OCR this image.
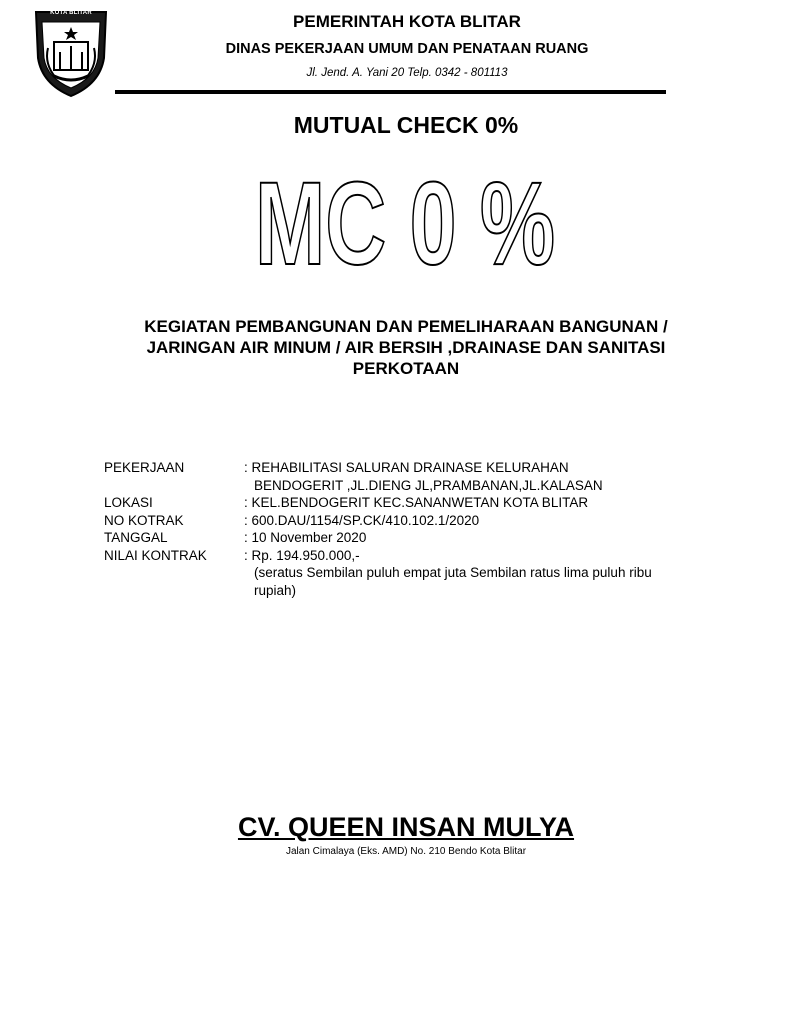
KOTA BLITAR	PEMERINTAH KOTA BLITAR
DINAS PEKERJAAN UMUM DAN PENATAAN RUANG
Jl. Jend. A. Yani 20 Telp. 0342 - 801113
MUTUAL CHECK 0%
MC 0 %
KEGIATAN PEMBANGUNAN DAN PEMELIHARAAN BANGUNAN /
JARINGAN AIR MINUM / AIR BERSIH ,DRAINASE DAN SANITASI
PERKOTAAN
PEKERJAAN	: REHABILITASI SALURAN DRAINASE KELURAHAN
BENDOGERIT ,JL.DIENG JL,PRAMBANAN,JL.KALASAN
LOKASI	: KEL.BENDOGERIT KEC.SANANWETAN KOTA BLITAR
NO KOTRAK	: 600.DAU/1154/SP.CK/410.102.1/2020
TANGGAL	: 10 November 2020
NILAI KONTRAK	: Rp. 194.950.000,-
(seratus Sembilan puluh empat juta Sembilan ratus lima puluh ribu
rupiah)
CV. QUEEN INSAN MULYA
Jalan Cimalaya (Eks. AMD) No. 210 Bendo Kota Blitar
